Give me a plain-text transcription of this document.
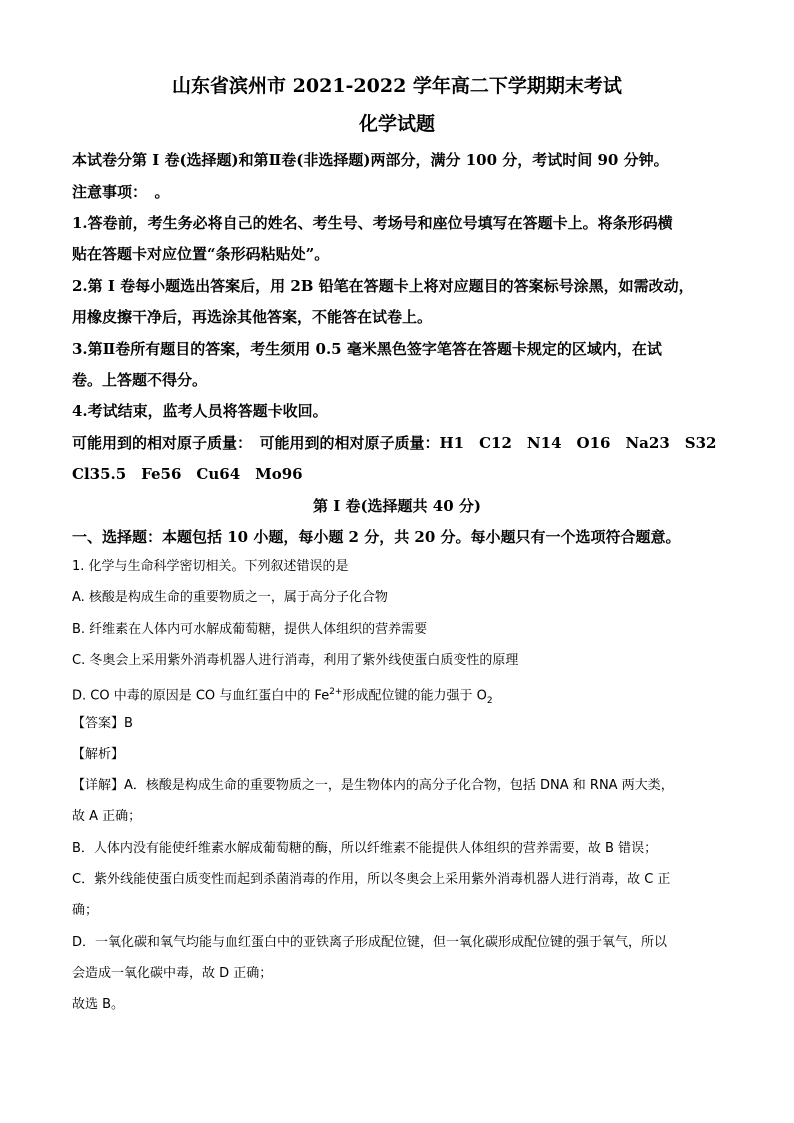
山东省滨州市 2021-2022 学年高二下学期期末考试
化学试题
本试卷分第 I 卷(选择题)和第Ⅱ卷(非选择题)两部分，满分 100 分，考试时间 90 分钟。
注意事项：　。
1.答卷前，考生务必将自己的姓名、考生号、考场号和座位号填写在答题卡上。将条形码横
贴在答题卡对应位置“条形码粘贴处”。
2.第 I 卷每小题选出答案后，用 2B 铅笔在答题卡上将对应题目的答案标号涂黑，如需改动，
用橡皮擦干净后，再选涂其他答案，不能答在试卷上。
3.第Ⅱ卷所有题目的答案，考生须用 0.5 毫米黑色签字笔答在答题卡规定的区域内，在试
卷。上答题不得分。
4.考试结束，监考人员将答题卡收回。
可能用到的相对原子质量：　可能用到的相对原子质量：H1　C12　N14　O16　Na23　S32
Cl35.5　Fe56　Cu64　Mo96
第 I 卷(选择题共 40 分)
一、选择题：本题包括 10 小题，每小题 2 分，共 20 分。每小题只有一个选项符合题意。
1. 化学与生命科学密切相关。下列叙述错误的是
A. 核酸是构成生命的重要物质之一，属于高分子化合物
B. 纤维素在人体内可水解成葡萄糖，提供人体组织的营养需要
C. 冬奥会上采用紫外消毒机器人进行消毒，利用了紫外线使蛋白质变性的原理
D. CO 中毒的原因是 CO 与血红蛋白中的 $Fe^{2+}$形成配位键的能力强于 $O_2$
【答案】B
【解析】
【详解】A．核酸是构成生命的重要物质之一，是生物体内的高分子化合物，包括 DNA 和 RNA 两大类，
故 A 正确；
B．人体内没有能使纤维素水解成葡萄糖的酶，所以纤维素不能提供人体组织的营养需要，故 B 错误；
C．紫外线能使蛋白质变性而起到杀菌消毒的作用，所以冬奥会上采用紫外消毒机器人进行消毒，故 C 正
确；
D．一氧化碳和氧气均能与血红蛋白中的亚铁离子形成配位键，但一氧化碳形成配位键的强于氧气，所以
会造成一氧化碳中毒，故 D 正确；
故选 B。
